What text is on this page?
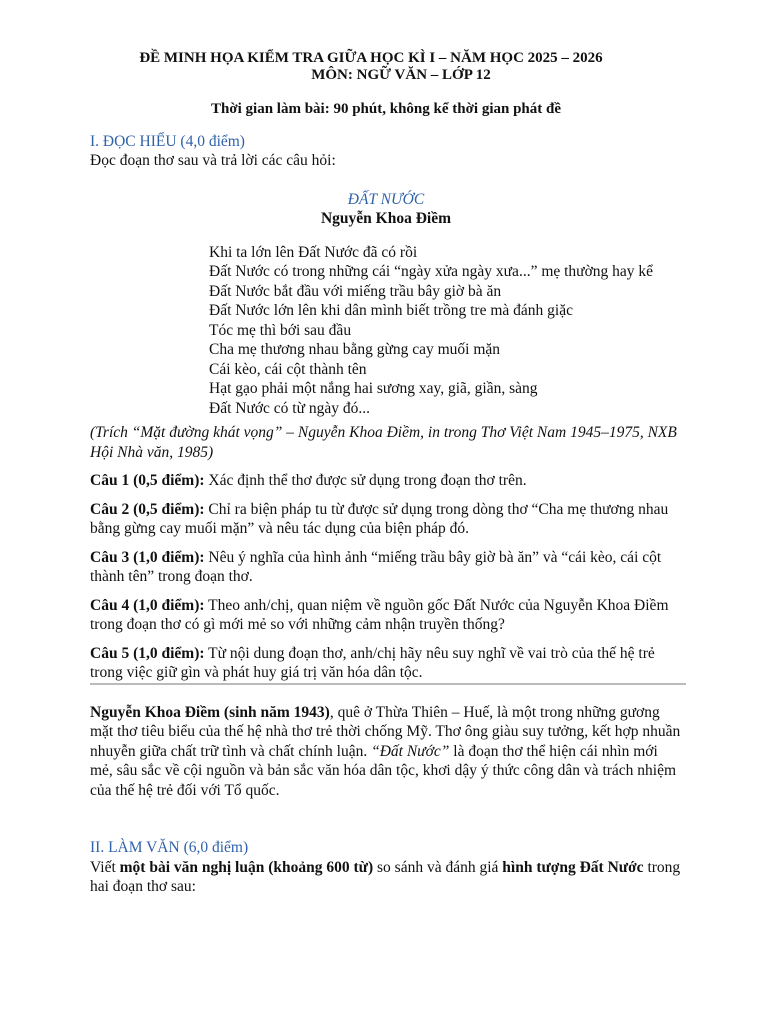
ĐỀ MINH HỌA KIỂM TRA GIỮA HỌC KÌ I – NĂM HỌC 2025 – 2026
MÔN: NGỮ VĂN – LỚP 12
Thời gian làm bài: 90 phút, không kể thời gian phát đề
I. ĐỌC HIỂU (4,0 điểm)
Đọc đoạn thơ sau và trả lời các câu hỏi:
ĐẤT NƯỚC
Nguyễn Khoa Điềm
Khi ta lớn lên Đất Nước đã có rồi
Đất Nước có trong những cái “ngày xửa ngày xưa...” mẹ thường hay kể
Đất Nước bắt đầu với miếng trầu bây giờ bà ăn
Đất Nước lớn lên khi dân mình biết trồng tre mà đánh giặc
Tóc mẹ thì bới sau đầu
Cha mẹ thương nhau bằng gừng cay muối mặn
Cái kèo, cái cột thành tên
Hạt gạo phải một nắng hai sương xay, giã, giần, sàng
Đất Nước có từ ngày đó...
(Trích “Mặt đường khát vọng” – Nguyễn Khoa Điềm, in trong Thơ Việt Nam 1945–1975, NXB Hội Nhà văn, 1985)
Câu 1 (0,5 điểm): Xác định thể thơ được sử dụng trong đoạn thơ trên.
Câu 2 (0,5 điểm): Chỉ ra biện pháp tu từ được sử dụng trong dòng thơ “Cha mẹ thương nhau bằng gừng cay muối mặn” và nêu tác dụng của biện pháp đó.
Câu 3 (1,0 điểm): Nêu ý nghĩa của hình ảnh “miếng trầu bây giờ bà ăn” và “cái kèo, cái cột thành tên” trong đoạn thơ.
Câu 4 (1,0 điểm): Theo anh/chị, quan niệm về nguồn gốc Đất Nước của Nguyễn Khoa Điềm trong đoạn thơ có gì mới mẻ so với những cảm nhận truyền thống?
Câu 5 (1,0 điểm): Từ nội dung đoạn thơ, anh/chị hãy nêu suy nghĩ về vai trò của thế hệ trẻ trong việc giữ gìn và phát huy giá trị văn hóa dân tộc.
Nguyễn Khoa Điềm (sinh năm 1943), quê ở Thừa Thiên – Huế, là một trong những gương mặt thơ tiêu biểu của thế hệ nhà thơ trẻ thời chống Mỹ. Thơ ông giàu suy tưởng, kết hợp nhuần nhuyễn giữa chất trữ tình và chất chính luận. “Đất Nước” là đoạn thơ thể hiện cái nhìn mới mẻ, sâu sắc về cội nguồn và bản sắc văn hóa dân tộc, khơi dậy ý thức công dân và trách nhiệm của thế hệ trẻ đối với Tổ quốc.
II. LÀM VĂN (6,0 điểm)
Viết một bài văn nghị luận (khoảng 600 từ) so sánh và đánh giá hình tượng Đất Nước trong hai đoạn thơ sau:
